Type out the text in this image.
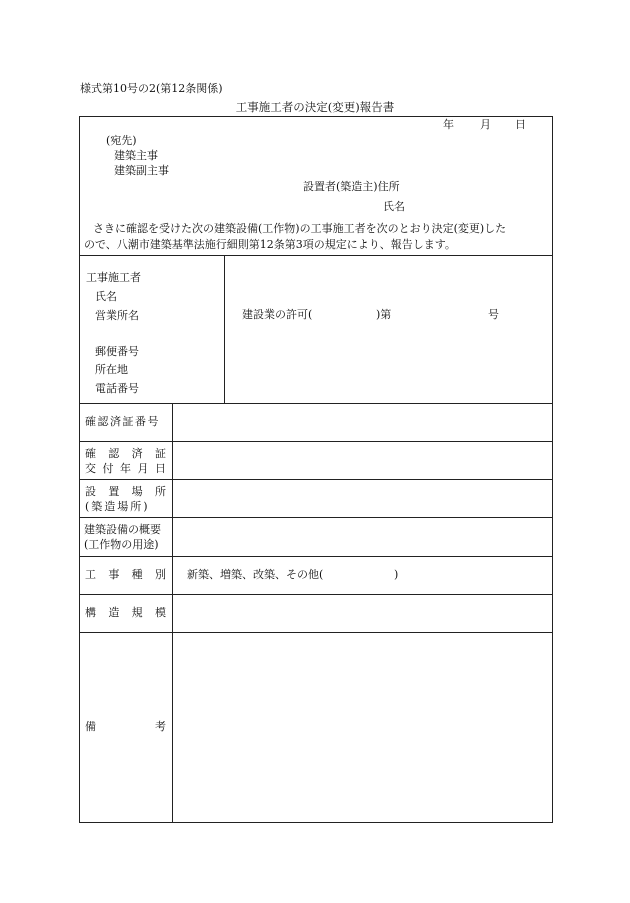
様式第10号の2(第12条関係)
工事施工者の決定(変更)報告書
年 月 日
(宛先)
建築主事
建築副主事
設置者(築造主)住所
氏名
さきに確認を受けた次の建築設備(工作物)の工事施工者を次のとおり決定(変更)した
ので、八潮市建築基準法施行細則第12条第3項の規定により、報告します。
工事施工者
氏名
営業所名
郵便番号
所在地
電話番号
建設業の許可(	)第	号
確認済証番号
確 認 済 証
交 付 年 月 日
設 置 場 所
(築造場所)
建築設備の概要
(工作物の用途)
工 事 種 別 新築、増築、改築、その他(	)
構 造 規 模
備	考
